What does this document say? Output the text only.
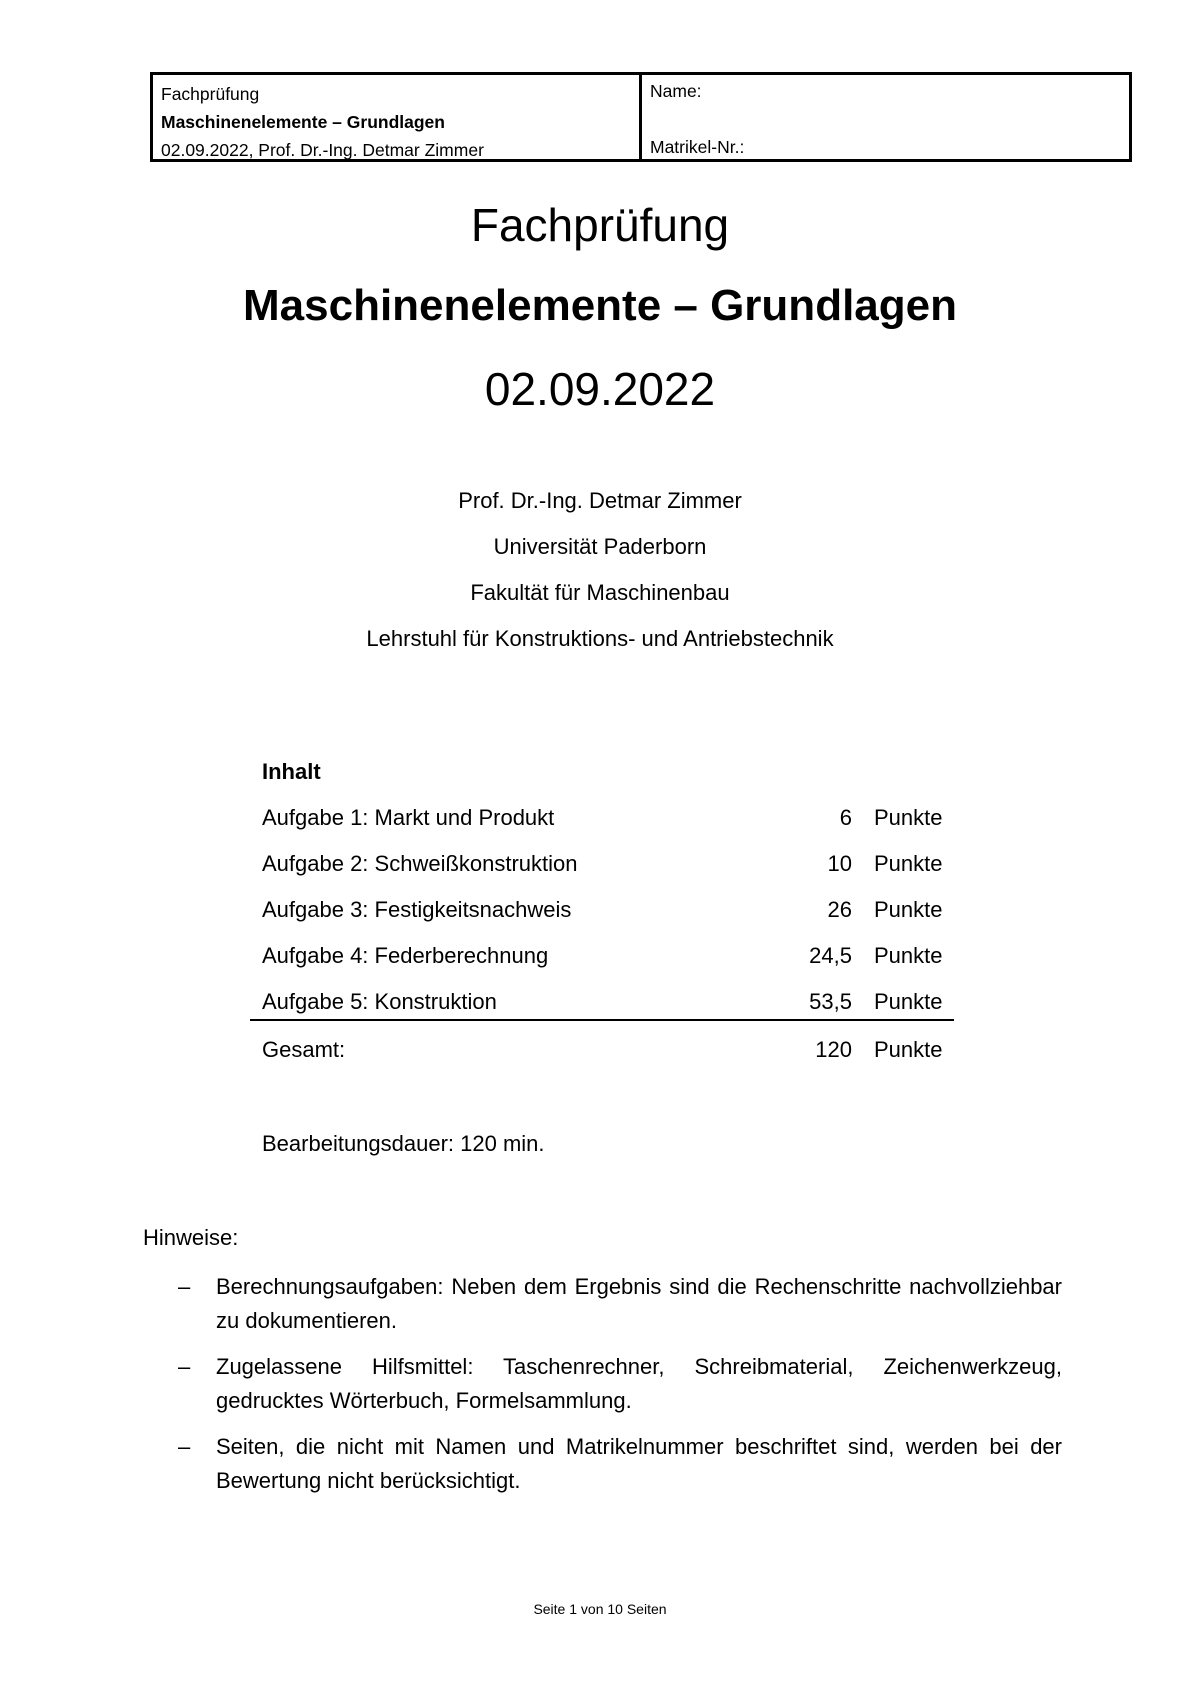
Fachprüfung
Maschinenelemente – Grundlagen
02.09.2022, Prof. Dr.-Ing. Detmar Zimmer
Name:
Matrikel-Nr.:
Fachprüfung
Maschinenelemente – Grundlagen
02.09.2022
Prof. Dr.-Ing. Detmar Zimmer
Universität Paderborn
Fakultät für Maschinenbau
Lehrstuhl für Konstruktions- und Antriebstechnik
Inhalt
Aufgabe 1: Markt und Produkt	6	Punkte
Aufgabe 2: Schweißkonstruktion	10	Punkte
Aufgabe 3: Festigkeitsnachweis	26	Punkte
Aufgabe 4: Federberechnung	24,5	Punkte
Aufgabe 5: Konstruktion	53,5	Punkte
Gesamt:	120	Punkte
Bearbeitungsdauer: 120 min.
Hinweise:
– Berechnungsaufgaben: Neben dem Ergebnis sind die Rechenschritte nachvollziehbar zu dokumentieren.
– Zugelassene Hilfsmittel: Taschenrechner, Schreibmaterial, Zeichenwerkzeug, gedrucktes Wörterbuch, Formelsammlung.
– Seiten, die nicht mit Namen und Matrikelnummer beschriftet sind, werden bei der Bewertung nicht berücksichtigt.
Seite 1 von 10 Seiten
